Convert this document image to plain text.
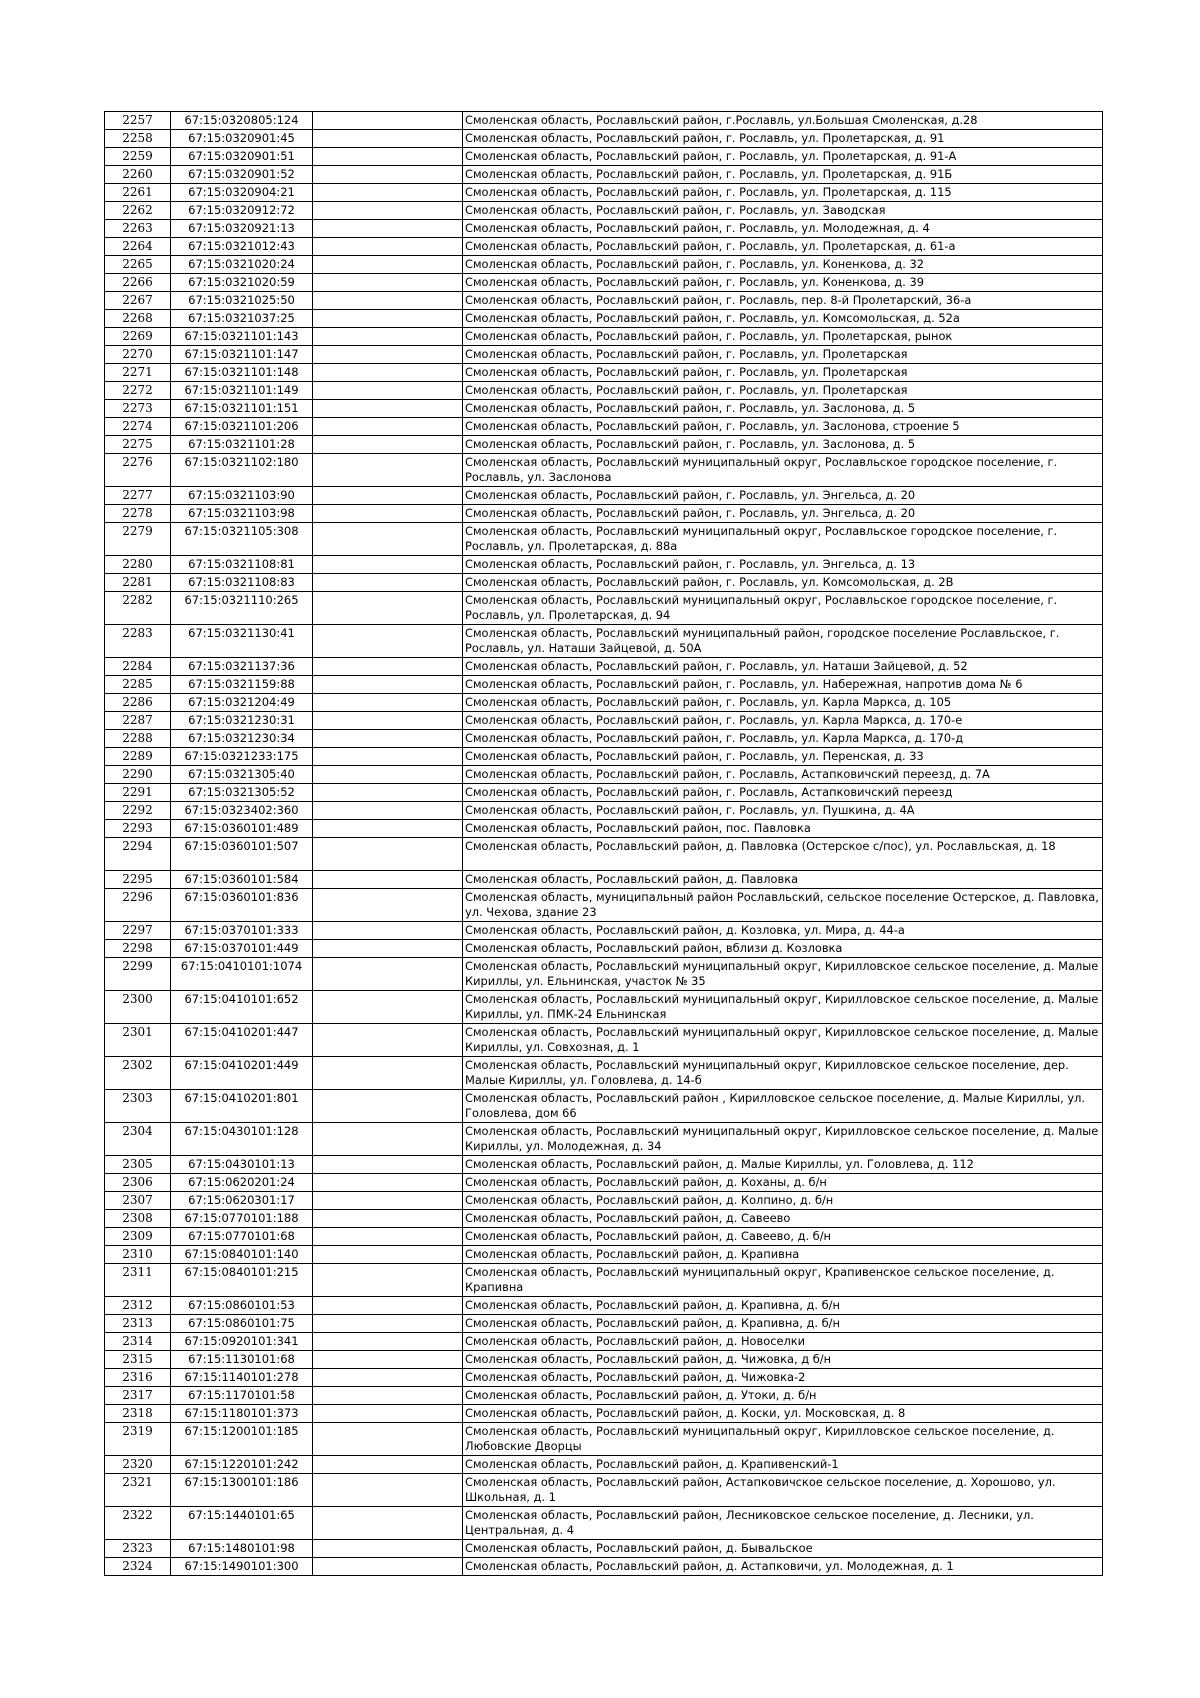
2257	67:15:0320805:124		Смоленская область, Рославльский район, г.Рославль, ул.Большая Смоленская, д.28
2258	67:15:0320901:45		Смоленская область, Рославльский район, г. Рославль, ул. Пролетарская, д. 91
2259	67:15:0320901:51		Смоленская область, Рославльский район, г. Рославль, ул. Пролетарская, д. 91-А
2260	67:15:0320901:52		Смоленская область, Рославльский район, г. Рославль, ул. Пролетарская, д. 91Б
2261	67:15:0320904:21		Смоленская область, Рославльский район, г. Рославль, ул. Пролетарская, д. 115
2262	67:15:0320912:72		Смоленская область, Рославльский район, г. Рославль, ул. Заводская
2263	67:15:0320921:13		Смоленская область, Рославльский район, г. Рославль, ул. Молодежная, д. 4
2264	67:15:0321012:43		Смоленская область, Рославльский район, г. Рославль, ул. Пролетарская, д. 61-а
2265	67:15:0321020:24		Смоленская область, Рославльский район, г. Рославль, ул. Коненкова, д. 32
2266	67:15:0321020:59		Смоленская область, Рославльский район, г. Рославль, ул. Коненкова, д. 39
2267	67:15:0321025:50		Смоленская область, Рославльский район, г. Рославль, пер. 8-й Пролетарский, 36-а
2268	67:15:0321037:25		Смоленская область, Рославльский район, г. Рославль, ул. Комсомольская, д. 52а
2269	67:15:0321101:143		Смоленская область, Рославльский район, г. Рославль, ул. Пролетарская, рынок
2270	67:15:0321101:147		Смоленская область, Рославльский район, г. Рославль, ул. Пролетарская
2271	67:15:0321101:148		Смоленская область, Рославльский район, г. Рославль, ул. Пролетарская
2272	67:15:0321101:149		Смоленская область, Рославльский район, г. Рославль, ул. Пролетарская
2273	67:15:0321101:151		Смоленская область, Рославльский район, г. Рославль, ул. Заслонова, д. 5
2274	67:15:0321101:206		Смоленская область, Рославльский район, г. Рославль, ул. Заслонова, строение 5
2275	67:15:0321101:28		Смоленская область, Рославльский район, г. Рославль, ул. Заслонова, д. 5
2276	67:15:0321102:180		Смоленская область, Рославльский муниципальный округ, Рославльское городское поселение, г. Рославль, ул. Заслонова
2277	67:15:0321103:90		Смоленская область, Рославльский район, г. Рославль, ул. Энгельса, д. 20
2278	67:15:0321103:98		Смоленская область, Рославльский район, г. Рославль, ул. Энгельса, д. 20
2279	67:15:0321105:308		Смоленская область, Рославльский муниципальный округ, Рославльское городское поселение, г. Рославль, ул. Пролетарская, д. 88а
2280	67:15:0321108:81		Смоленская область, Рославльский район, г. Рославль, ул. Энгельса, д. 13
2281	67:15:0321108:83		Смоленская область, Рославльский район, г. Рославль, ул. Комсомольская, д. 2В
2282	67:15:0321110:265		Смоленская область, Рославльский муниципальный округ, Рославльское городское поселение, г. Рославль, ул. Пролетарская, д. 94
2283	67:15:0321130:41		Смоленская область, Рославльский муниципальный район, городское поселение Рославльское, г. Рославль, ул. Наташи Зайцевой, д. 50А
2284	67:15:0321137:36		Смоленская область, Рославльский район, г. Рославль, ул. Наташи Зайцевой, д. 52
2285	67:15:0321159:88		Смоленская область, Рославльский район, г. Рославль, ул. Набережная, напротив дома № 6
2286	67:15:0321204:49		Смоленская область, Рославльский район, г. Рославль, ул. Карла Маркса, д. 105
2287	67:15:0321230:31		Смоленская область, Рославльский район, г. Рославль, ул. Карла Маркса, д. 170-е
2288	67:15:0321230:34		Смоленская область, Рославльский район, г. Рославль, ул. Карла Маркса, д. 170-д
2289	67:15:0321233:175		Смоленская область, Рославльский район, г. Рославль, ул. Перенская, д. 33
2290	67:15:0321305:40		Смоленская область, Рославльский район, г. Рославль, Астапковичский переезд, д. 7А
2291	67:15:0321305:52		Смоленская область, Рославльский район, г. Рославль, Астапковичский переезд
2292	67:15:0323402:360		Смоленская область, Рославльский район, г. Рославль, ул. Пушкина, д. 4А
2293	67:15:0360101:489		Смоленская область, Рославльский район, пос. Павловка
2294	67:15:0360101:507		Смоленская область, Рославльский район, д. Павловка (Остерское с/пос), ул. Рославльская, д. 18
2295	67:15:0360101:584		Смоленская область, Рославльский район, д. Павловка
2296	67:15:0360101:836		Смоленская область, муниципальный район Рославльский, сельское поселение Остерское, д. Павловка, ул. Чехова, здание 23
2297	67:15:0370101:333		Смоленская область, Рославльский район, д. Козловка, ул. Мира, д. 44-а
2298	67:15:0370101:449		Смоленская область, Рославльский район, вблизи д. Козловка
2299	67:15:0410101:1074		Смоленская область, Рославльский муниципальный округ, Кирилловское сельское поселение, д. Малые Кириллы, ул. Ельнинская, участок № 35
2300	67:15:0410101:652		Смоленская область, Рославльский муниципальный округ, Кирилловское сельское поселение, д. Малые Кириллы, ул. ПМК-24 Ельнинская
2301	67:15:0410201:447		Смоленская область, Рославльский муниципальный округ, Кирилловское сельское поселение, д. Малые Кириллы, ул. Совхозная, д. 1
2302	67:15:0410201:449		Смоленская область, Рославльский муниципальный округ, Кирилловское сельское поселение, дер. Малые Кириллы, ул. Головлева, д. 14-б
2303	67:15:0410201:801		Смоленская область, Рославльский район , Кирилловское сельское поселение, д. Малые Кириллы, ул. Головлева, дом 66
2304	67:15:0430101:128		Смоленская область, Рославльский муниципальный округ, Кирилловское сельское поселение, д. Малые Кириллы, ул. Молодежная, д. 34
2305	67:15:0430101:13		Смоленская область, Рославльский район, д. Малые Кириллы, ул. Головлева, д. 112
2306	67:15:0620201:24		Смоленская область, Рославльский район, д. Коханы, д. б/н
2307	67:15:0620301:17		Смоленская область, Рославльский район, д. Колпино, д. б/н
2308	67:15:0770101:188		Смоленская область, Рославльский район, д. Савеево
2309	67:15:0770101:68		Смоленская область, Рославльский район, д. Савеево, д. б/н
2310	67:15:0840101:140		Смоленская область, Рославльский район, д. Крапивна
2311	67:15:0840101:215		Смоленская область, Рославльский муниципальный округ, Крапивенское сельское поселение, д. Крапивна
2312	67:15:0860101:53		Смоленская область, Рославльский район, д. Крапивна, д. б/н
2313	67:15:0860101:75		Смоленская область, Рославльский район, д. Крапивна, д. б/н
2314	67:15:0920101:341		Смоленская область, Рославльский район, д. Новоселки
2315	67:15:1130101:68		Смоленская область, Рославльский район, д. Чижовка, д б/н
2316	67:15:1140101:278		Смоленская область, Рославльский район, д. Чижовка-2
2317	67:15:1170101:58		Смоленская область, Рославльский район, д. Утоки, д. б/н
2318	67:15:1180101:373		Смоленская область, Рославльский район, д. Коски, ул. Московская, д. 8
2319	67:15:1200101:185		Смоленская область, Рославльский муниципальный округ, Кирилловское сельское поселение, д. Любовские Дворцы
2320	67:15:1220101:242		Смоленская область, Рославльский район, д. Крапивенский-1
2321	67:15:1300101:186		Смоленская область, Рославльский район, Астапковичское сельское поселение, д. Хорошово, ул. Школьная, д. 1
2322	67:15:1440101:65		Смоленская область, Рославльский район, Лесниковское сельское поселение, д. Лесники, ул. Центральная, д. 4
2323	67:15:1480101:98		Смоленская область, Рославльский район, д. Бывальское
2324	67:15:1490101:300		Смоленская область, Рославльский район, д. Астапковичи, ул. Молодежная, д. 1
